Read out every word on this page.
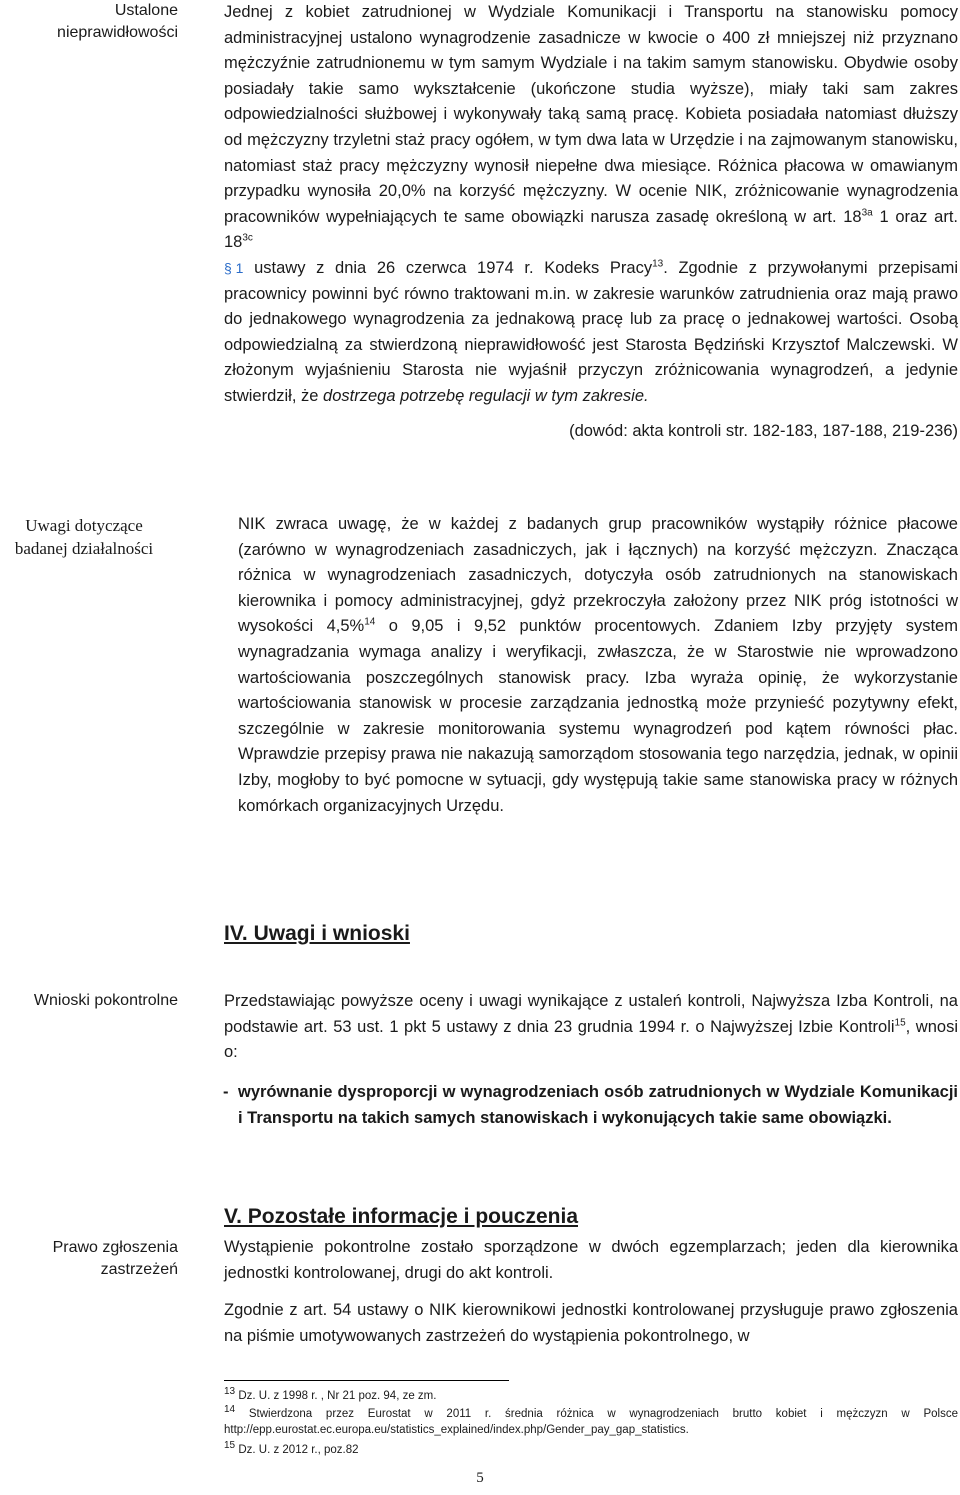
Ustalone nieprawidłowości

Jednej z kobiet zatrudnionej w Wydziale Komunikacji i Transportu na stanowisku pomocy administracyjnej ustalono wynagrodzenie zasadnicze w kwocie o 400 zł mniejszej niż przyznano mężczyźnie zatrudnionemu w tym samym Wydziale i na takim samym stanowisku. Obydwie osoby posiadały takie samo wykształcenie (ukończone studia wyższe), miały taki sam zakres odpowiedzialności służbowej i wykonywały taką samą pracę. Kobieta posiadała natomiast dłuższy od mężczyzny trzyletni staż pracy ogółem, w tym dwa lata w Urzędzie i na zajmowanym stanowisku, natomiast staż pracy mężczyzny wynosił niepełne dwa miesiące. Różnica płacowa w omawianym przypadku wynosiła 20,0% na korzyść mężczyzny. W ocenie NIK, zróżnicowanie wynagrodzenia pracowników wypełniających te same obowiązki narusza zasadę określoną w art. $18^{3a}$ 1 oraz art. $18^{3c}$
§ 1 ustawy z dnia 26 czerwca 1974 r. Kodeks Pracy$^{13}$. Zgodnie z przywołanymi przepisami pracownicy powinni być równo traktowani m.in. w zakresie warunków zatrudnienia oraz mają prawo do jednakowego wynagrodzenia za jednakową pracę lub za pracę o jednakowej wartości. Osobą odpowiedzialną za stwierdzoną nieprawidłowość jest Starosta Będziński Krzysztof Malczewski. W złożonym wyjaśnieniu Starosta nie wyjaśnił przyczyn zróżnicowania wynagrodzeń, a jedynie stwierdził, że dostrzega potrzebę regulacji w tym zakresie.

(dowód: akta kontroli str. 182-183, 187-188, 219-236)

Uwagi dotyczące badanej działalności

NIK zwraca uwagę, że w każdej z badanych grup pracowników wystąpiły różnice płacowe (zarówno w wynagrodzeniach zasadniczych, jak i łącznych) na korzyść mężczyzn. Znacząca różnica w wynagrodzeniach zasadniczych, dotyczyła osób zatrudnionych na stanowiskach kierownika i pomocy administracyjnej, gdyż przekroczyła założony przez NIK próg istotności w wysokości 4,5%$^{14}$ o 9,05 i 9,52 punktów procentowych. Zdaniem Izby przyjęty system wynagradzania wymaga analizy i weryfikacji, zwłaszcza, że w Starostwie nie wprowadzono wartościowania poszczególnych stanowisk pracy. Izba wyraża opinię, że wykorzystanie wartościowania stanowisk w procesie zarządzania jednostką może przynieść pozytywny efekt, szczególnie w zakresie monitorowania systemu wynagrodzeń pod kątem równości płac. Wprawdzie przepisy prawa nie nakazują samorządom stosowania tego narzędzia, jednak, w opinii Izby, mogłoby to być pomocne w sytuacji, gdy występują takie same stanowiska pracy w różnych komórkach organizacyjnych Urzędu.

IV. Uwagi i wnioski
Wnioski pokontrolne	Przedstawiając powyższe oceny i uwagi wynikające z ustaleń kontroli, Najwyższa Izba Kontroli, na podstawie art. 53 ust. 1 pkt 5 ustawy z dnia 23 grudnia 1994 r. o Najwyższej Izbie Kontroli$^{15}$, wnosi o:

- wyrównanie dysproporcji w wynagrodzeniach osób zatrudnionych w Wydziale Komunikacji i Transportu na takich samych stanowiskach i wykonujących takie same obowiązki.
V. Pozostałe informacje i pouczenia
Prawo zgłoszenia zastrzeżeń

Wystąpienie pokontrolne zostało sporządzone w dwóch egzemplarzach; jeden dla kierownika jednostki kontrolowanej, drugi do akt kontroli.

Zgodnie z art. 54 ustawy o NIK kierownikowi jednostki kontrolowanej przysługuje prawo zgłoszenia na piśmie umotywowanych zastrzeżeń do wystąpienia pokontrolnego, w

$^{13}$ Dz. U. z 1998 r. , Nr 21 poz. 94, ze zm.
$^{14}$ Stwierdzona przez Eurostat w 2011 r. średnia różnica w wynagrodzeniach brutto kobiet i mężczyzn w Polsce http://epp.eurostat.ec.europa.eu/statistics_explained/index.php/Gender_pay_gap_statistics.
$^{15}$ Dz. U. z 2012 r., poz.82
5
